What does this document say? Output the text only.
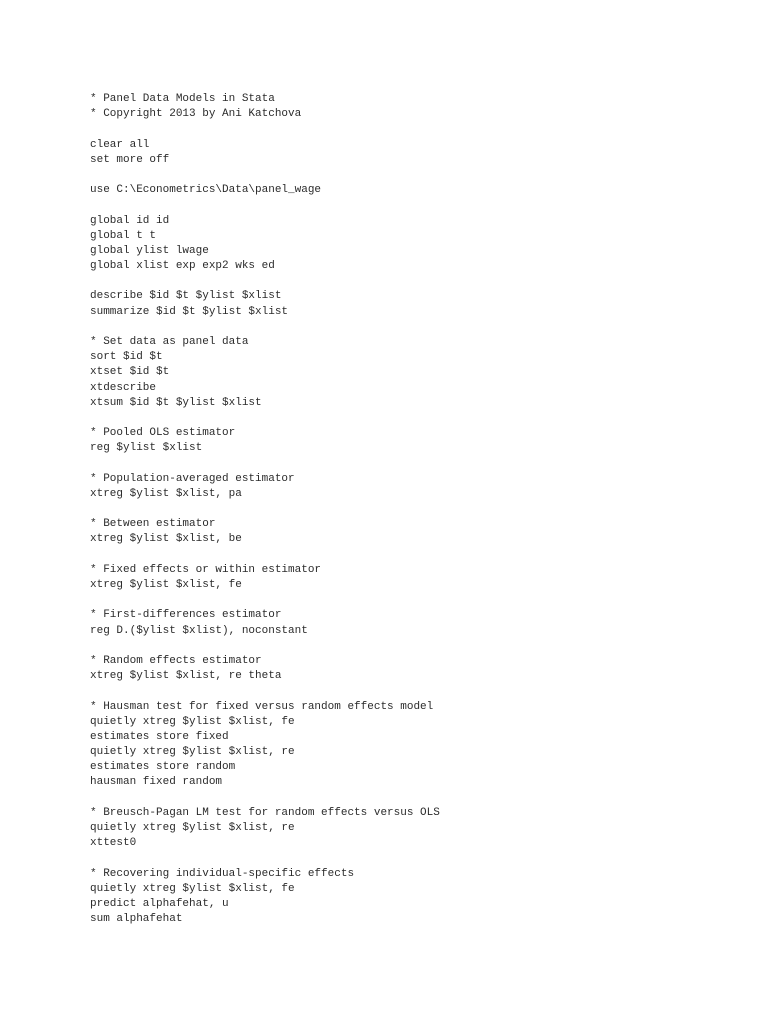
* Panel Data Models in Stata
* Copyright 2013 by Ani Katchova
clear all
set more off
use C:\Econometrics\Data\panel_wage
global id id
global t t
global ylist lwage
global xlist exp exp2 wks ed
describe $id $t $ylist $xlist
summarize $id $t $ylist $xlist
* Set data as panel data
sort $id $t
xtset $id $t
xtdescribe
xtsum $id $t $ylist $xlist
* Pooled OLS estimator
reg $ylist $xlist
* Population-averaged estimator
xtreg $ylist $xlist, pa
* Between estimator
xtreg $ylist $xlist, be
* Fixed effects or within estimator
xtreg $ylist $xlist, fe
* First-differences estimator
reg D.($ylist $xlist), noconstant
* Random effects estimator
xtreg $ylist $xlist, re theta
* Hausman test for fixed versus random effects model
quietly xtreg $ylist $xlist, fe
estimates store fixed
quietly xtreg $ylist $xlist, re
estimates store random
hausman fixed random
* Breusch-Pagan LM test for random effects versus OLS
quietly xtreg $ylist $xlist, re
xttest0
* Recovering individual-specific effects
quietly xtreg $ylist $xlist, fe
predict alphafehat, u
sum alphafehat
